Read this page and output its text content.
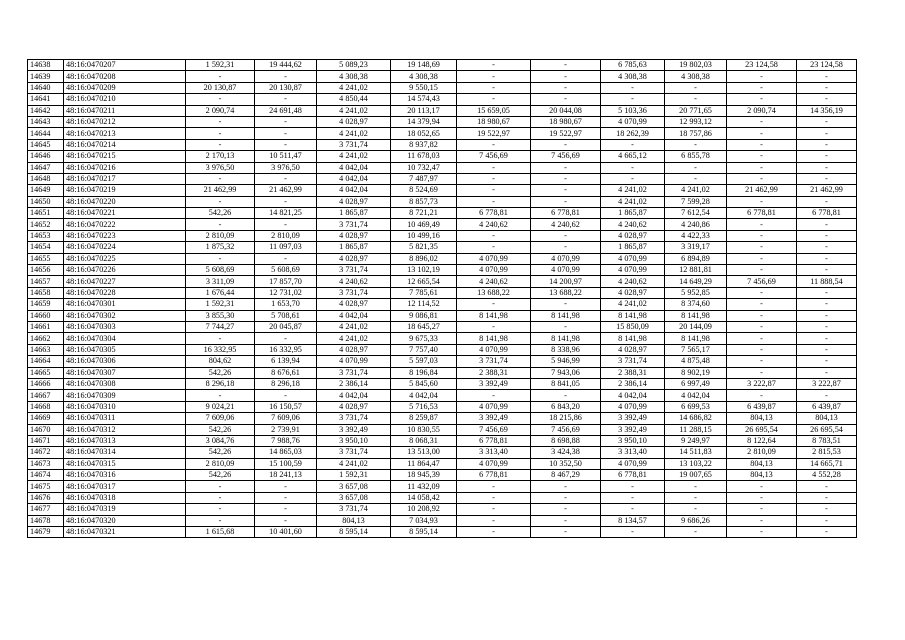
14638	48:16:0470207	1 592,31	19 444,62	5 089,23	19 148,69	-	-	6 785,63	19 802,03	23 124,58	23 124,58
14639	48:16:0470208	-	-	4 308,38	4 308,38	-	-	4 308,38	4 308,38	-	-
14640	48:16:0470209	20 130,87	20 130,87	4 241,02	9 550,15	-	-	-	-	-	-
14641	48:16:0470210	-	-	4 850,44	14 574,43	-	-	-	-	-	-
14642	48:16:0470211	2 090,74	24 691,48	4 241,02	20 113,17	15 659,05	20 044,08	5 103,36	20 771,65	2 090,74	14 356,19
14643	48:16:0470212	-	-	4 028,97	14 379,94	18 980,67	18 980,67	4 070,99	12 993,12	-	-
14644	48:16:0470213	-	-	4 241,02	18 052,65	19 522,97	19 522,97	18 262,39	18 757,86	-	-
14645	48:16:0470214	-	-	3 731,74	8 937,82	-	-	-	-	-	-
14646	48:16:0470215	2 170,13	10 511,47	4 241,02	11 678,03	7 456,69	7 456,69	4 665,12	6 855,78	-	-
14647	48:16:0470216	3 976,50	3 976,50	4 042,04	10 732,47	-	-	-	-	-	-
14648	48:16:0470217	-	-	4 042,04	7 487,97	-	-	-	-	-	-
14649	48:16:0470219	21 462,99	21 462,99	4 042,04	8 524,69	-	-	4 241,02	4 241,02	21 462,99	21 462,99
14650	48:16:0470220	-	-	4 028,97	8 857,73	-	-	4 241,02	7 599,28	-	-
14651	48:16:0470221	542,26	14 821,25	1 865,87	8 721,21	6 778,81	6 778,81	1 865,87	7 612,54	6 778,81	6 778,81
14652	48:16:0470222	-	-	3 731,74	10 469,49	4 240,62	4 240,62	4 240,62	4 240,86	-	-
14653	48:16:0470223	2 810,09	2 810,09	4 028,97	10 499,16	-	-	4 028,97	4 422,33	-	-
14654	48:16:0470224	1 875,32	11 097,03	1 865,87	5 821,35	-	-	1 865,87	3 319,17	-	-
14655	48:16:0470225	-	-	4 028,97	8 896,02	4 070,99	4 070,99	4 070,99	6 894,89	-	-
14656	48:16:0470226	5 608,69	5 608,69	3 731,74	13 102,19	4 070,99	4 070,99	4 070,99	12 881,81	-	-
14657	48:16:0470227	3 311,09	17 857,70	4 240,62	12 665,54	4 240,62	14 200,97	4 240,62	14 649,29	7 456,69	11 888,54
14658	48:16:0470228	1 676,44	12 731,02	3 731,74	7 785,61	13 688,22	13 688,22	4 028,97	5 952,85	-	-
14659	48:16:0470301	1 592,31	1 653,70	4 028,97	12 114,52	-	-	4 241,02	8 374,60	-	-
14660	48:16:0470302	3 855,30	5 708,61	4 042,04	9 086,81	8 141,98	8 141,98	8 141,98	8 141,98	-	-
14661	48:16:0470303	7 744,27	20 045,87	4 241,02	18 645,27	-	-	15 850,09	20 144,09	-	-
14662	48:16:0470304	-	-	4 241,02	9 675,33	8 141,98	8 141,98	8 141,98	8 141,98	-	-
14663	48:16:0470305	16 332,95	16 332,95	4 028,97	7 757,40	4 070,99	8 338,96	4 028,97	7 565,17	-	-
14664	48:16:0470306	804,62	6 139,94	4 070,99	5 597,03	3 731,74	5 946,99	3 731,74	4 875,48	-	-
14665	48:16:0470307	542,26	8 676,61	3 731,74	8 196,84	2 388,31	7 943,06	2 388,31	8 902,19	-	-
14666	48:16:0470308	8 296,18	8 296,18	2 386,14	5 845,60	3 392,49	8 841,05	2 386,14	6 997,49	3 222,87	3 222,87
14667	48:16:0470309	-	-	4 042,04	4 042,04	-	-	4 042,04	4 042,04	-	-
14668	48:16:0470310	9 024,21	16 150,57	4 028,97	5 716,53	4 070,99	6 843,20	4 070,99	6 699,53	6 439,87	6 439,87
14669	48:16:0470311	7 609,06	7 609,06	3 731,74	8 259,87	3 392,49	18 215,86	3 392,49	14 686,82	804,13	804,13
14670	48:16:0470312	542,26	2 739,91	3 392,49	10 830,55	7 456,69	7 456,69	3 392,49	11 288,15	26 695,54	26 695,54
14671	48:16:0470313	3 084,76	7 988,76	3 950,10	8 068,31	6 778,81	8 698,88	3 950,10	9 249,97	8 122,64	8 783,51
14672	48:16:0470314	542,26	14 865,03	3 731,74	13 513,00	3 313,40	3 424,38	3 313,40	14 511,83	2 810,09	2 815,53
14673	48:16:0470315	2 810,09	15 100,59	4 241,02	11 864,47	4 070,99	10 352,50	4 070,99	13 103,22	804,13	14 665,71
14674	48:16:0470316	542,26	18 241,13	1 592,31	18 945,39	6 778,81	8 467,29	6 778,81	19 007,65	804,13	4 552,28
14675	48:16:0470317	-	-	3 657,08	11 432,09	-	-	-	-	-	-
14676	48:16:0470318	-	-	3 657,08	14 058,42	-	-	-	-	-	-
14677	48:16:0470319	-	-	3 731,74	10 208,92	-	-	-	-	-	-
14678	48:16:0470320	-	-	804,13	7 034,93	-	-	8 134,57	9 686,26	-	-
14679	48:16:0470321	1 615,68	10 401,60	8 595,14	8 595,14	-	-	-	-	-	-
